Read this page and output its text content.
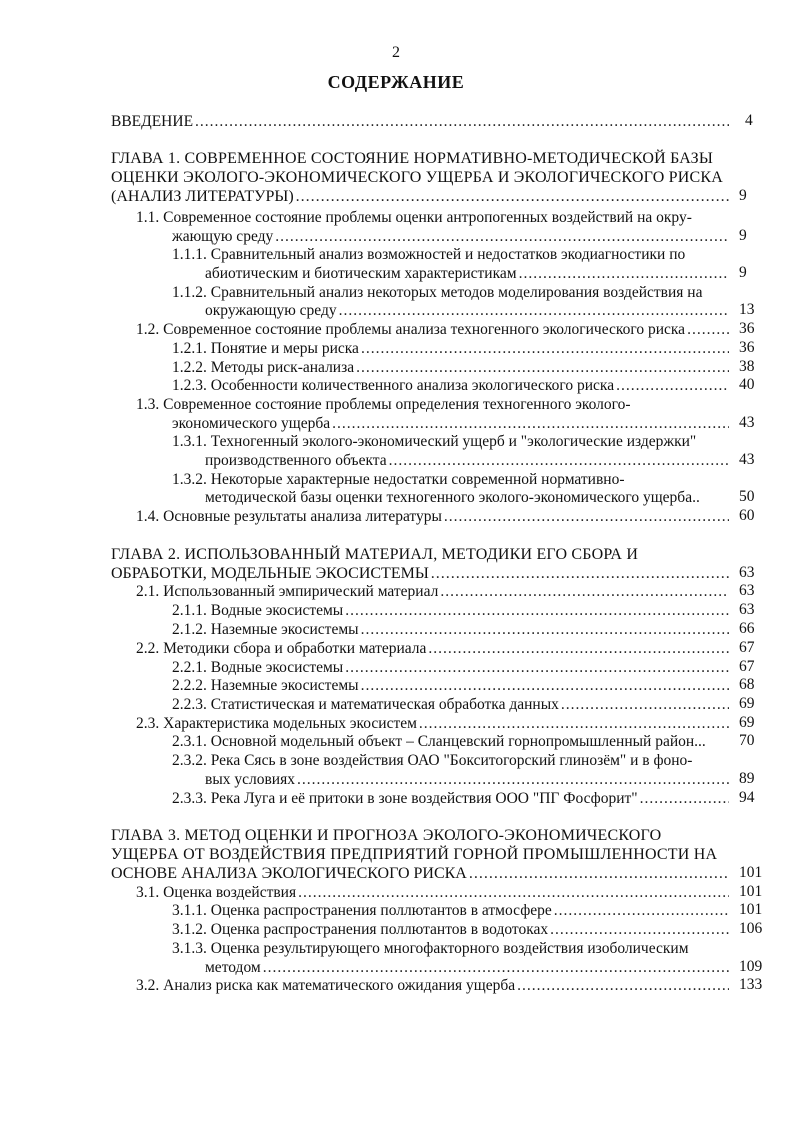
2
СОДЕРЖАНИЕ
ВВЕДЕНИЕ .....	4
ГЛАВА 1. СОВРЕМЕННОЕ СОСТОЯНИЕ НОРМАТИВНО-МЕТОДИЧЕСКОЙ БАЗЫ
ОЦЕНКИ ЭКОЛОГО-ЭКОНОМИЧЕСКОГО УЩЕРБА И ЭКОЛОГИЧЕСКОГО РИСКА
(АНАЛИЗ ЛИТЕРАТУРЫ) .....	9
1.1. Современное состояние проблемы оценки антропогенных воздействий на окру-
жающую среду .....	9
1.1.1. Сравнительный анализ возможностей и недостатков экодиагностики по
абиотическим и биотическим характеристикам .....	9
1.1.2. Сравнительный анализ некоторых методов моделирования воздействия на
окружающую среду .....	13
1.2. Современное состояние проблемы анализа техногенного экологического риска .....	36
1.2.1. Понятие и меры риска .....	36
1.2.2. Методы риск-анализа .....	38
1.2.3. Особенности количественного анализа экологического риска .....	40
1.3. Современное состояние проблемы определения техногенного эколого-
экономического ущерба .....	43
1.3.1. Техногенный эколого-экономический ущерб и "экологические издержки"
производственного объекта .....	43
1.3.2. Некоторые характерные недостатки современной нормативно-
методической базы оценки техногенного эколого-экономического ущерба..	50
1.4. Основные результаты анализа литературы .....	60
ГЛАВА 2. ИСПОЛЬЗОВАННЫЙ МАТЕРИАЛ, МЕТОДИКИ ЕГО СБОРА И
ОБРАБОТКИ, МОДЕЛЬНЫЕ ЭКОСИСТЕМЫ .....	63
2.1. Использованный эмпирический материал .....	63
2.1.1. Водные экосистемы .....	63
2.1.2. Наземные экосистемы .....	66
2.2. Методики сбора и обработки материала .....	67
2.2.1. Водные экосистемы .....	67
2.2.2. Наземные экосистемы .....	68
2.2.3. Статистическая и математическая обработка данных .....	69
2.3. Характеристика модельных экосистем .....	69
2.3.1. Основной модельный объект – Сланцевский горнопромышленный район... 70
2.3.2. Река Сясь в зоне воздействия ОАО "Бокситогорский глинозём" и в фоно-
вых условиях .....	89
2.3.3. Река Луга и её притоки в зоне воздействия ООО "ПГ Фосфорит" .....	94
ГЛАВА 3. МЕТОД ОЦЕНКИ И ПРОГНОЗА ЭКОЛОГО-ЭКОНОМИЧЕСКОГО
УЩЕРБА ОТ ВОЗДЕЙСТВИЯ ПРЕДПРИЯТИЙ ГОРНОЙ ПРОМЫШЛЕННОСТИ НА
ОСНОВЕ АНАЛИЗА ЭКОЛОГИЧЕСКОГО РИСКА .....	101
3.1. Оценка воздействия .....	101
3.1.1. Оценка распространения поллютантов в атмосфере .....	101
3.1.2. Оценка распространения поллютантов в водотоках .....	106
3.1.3. Оценка результирующего многофакторного воздействия изоболическим
методом .....	109
3.2. Анализ риска как математического ожидания ущерба .....	133
